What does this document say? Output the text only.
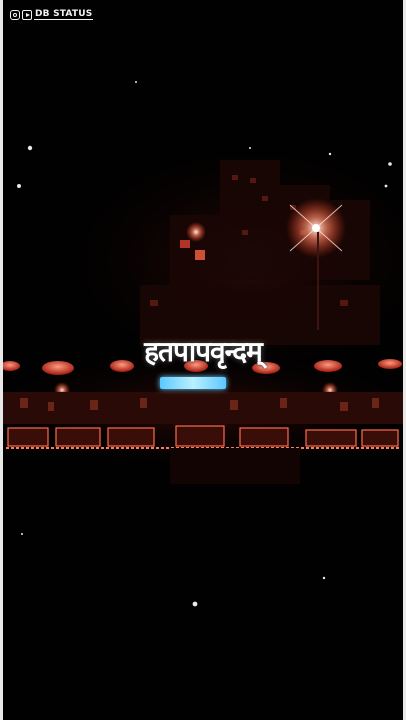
DB STATUS
हतपापवृन्दम्
